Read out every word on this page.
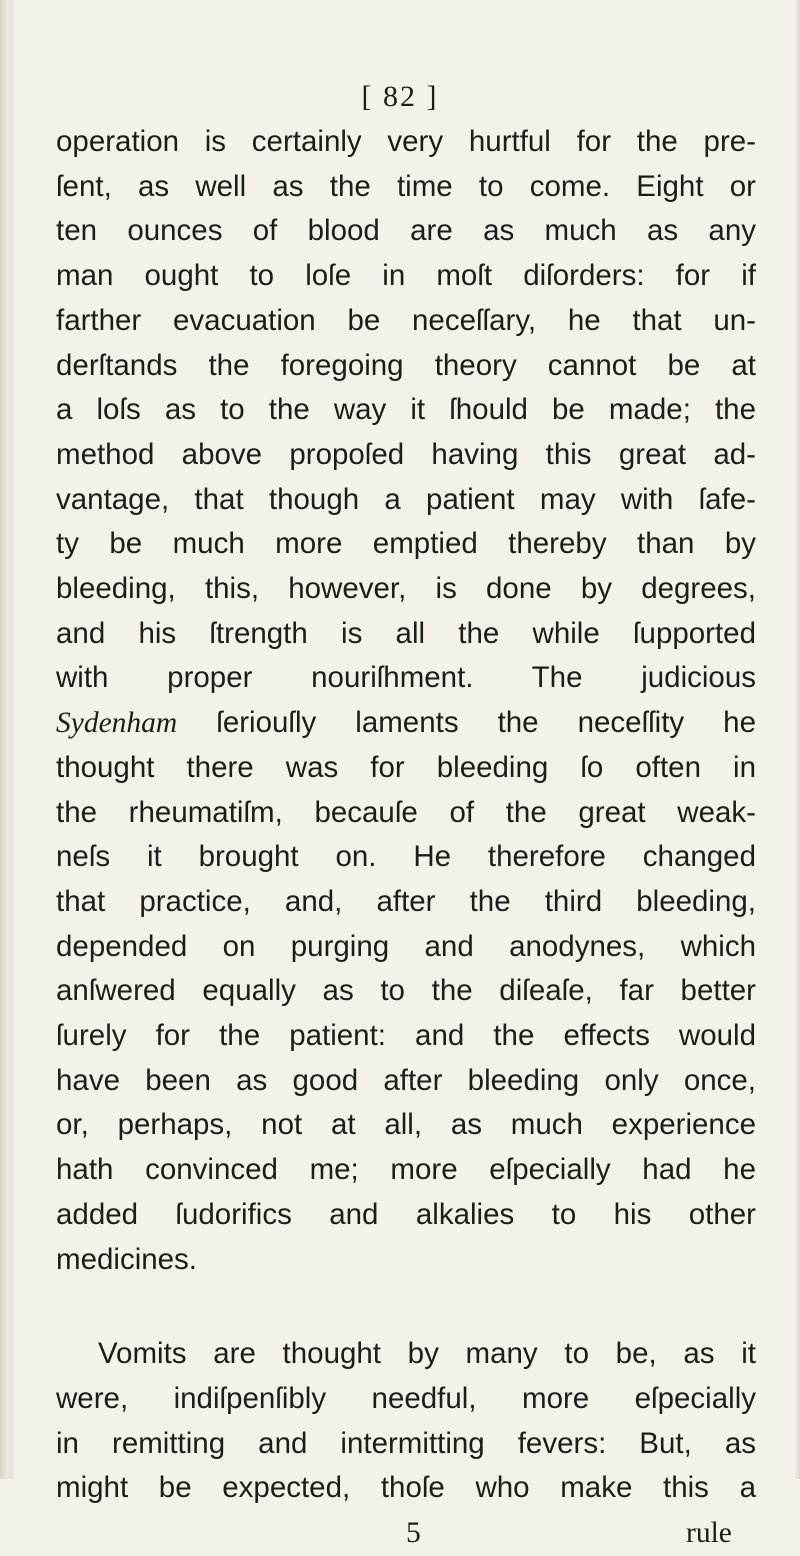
[ 82 ]
operation is certainly very hurtful for the pre-
ſent, as well as the time to come. Eight or
ten ounces of blood are as much as any
man ought to loſe in moſt diſorders: for if
farther evacuation be neceſſary, he that un-
derſtands the foregoing theory cannot be at
a loſs as to the way it ſhould be made; the
method above propoſed having this great ad-
vantage, that though a patient may with ſafe-
ty be much more emptied thereby than by
bleeding, this, however, is done by degrees,
and his ſtrength is all the while ſupported
with proper nouriſhment. The judicious
Sydenham ſeriouſly laments the neceſſity he
thought there was for bleeding ſo often in
the rheumatiſm, becauſe of the great weak-
neſs it brought on. He therefore changed
that practice, and, after the third bleeding,
depended on purging and anodynes, which
anſwered equally as to the diſeaſe, far better
ſurely for the patient: and the effects would
have been as good after bleeding only once,
or, perhaps, not at all, as much experience
hath convinced me; more eſpecially had he
added ſudorifics and alkalies to his other
medicines.
Vomits are thought by many to be, as it
were, indiſpenſibly needful, more eſpecially
in remitting and intermitting fevers: But, as
might be expected, thoſe who make this a
5	rule
